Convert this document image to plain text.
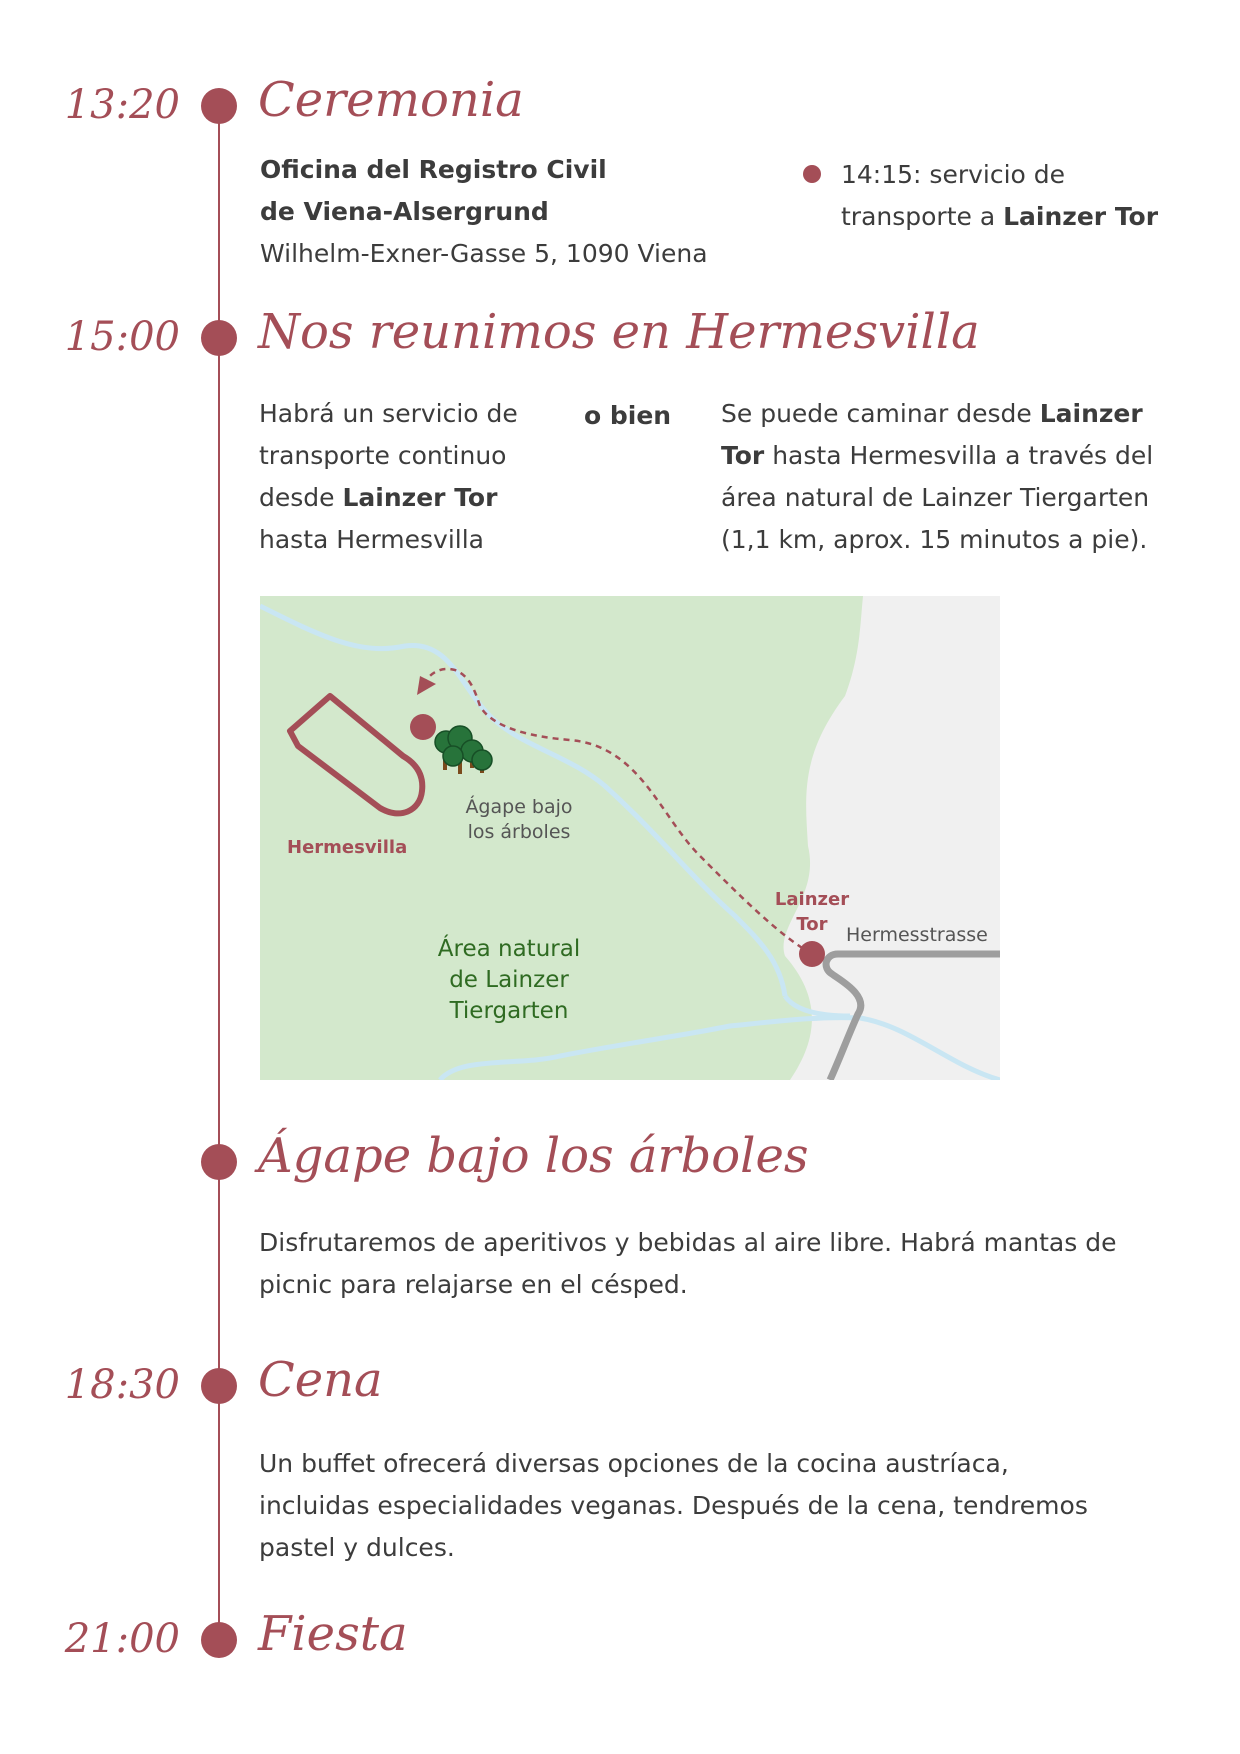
13:20 Ceremonia
Oficina del Registro Civil
de Viena-Alsergrund
Wilhelm-Exner-Gasse 5, 1090 Viena
14:15: servicio de
transporte a Lainzer Tor
15:00 Nos reunimos en Hermesvilla
Habrá un servicio de
transporte continuo
desde Lainzer Tor
hasta Hermesvilla
o bien Se puede caminar desde Lainzer
Tor hasta Hermesvilla a través del
área natural de Lainzer Tiergarten
(1,1 km, aprox. 15 minutos a pie).
Hermesvilla
Ágape bajo
los árboles
Lainzer
Tor Hermesstrasse
Área natural
de Lainzer
Tiergarten
Ágape bajo los árboles
Disfrutaremos de aperitivos y bebidas al aire libre. Habrá mantas de
picnic para relajarse en el césped.
18:30 Cena
Un buffet ofrecerá diversas opciones de la cocina austríaca,
incluidas especialidades veganas. Después de la cena, tendremos
pastel y dulces.
21:00 Fiesta
